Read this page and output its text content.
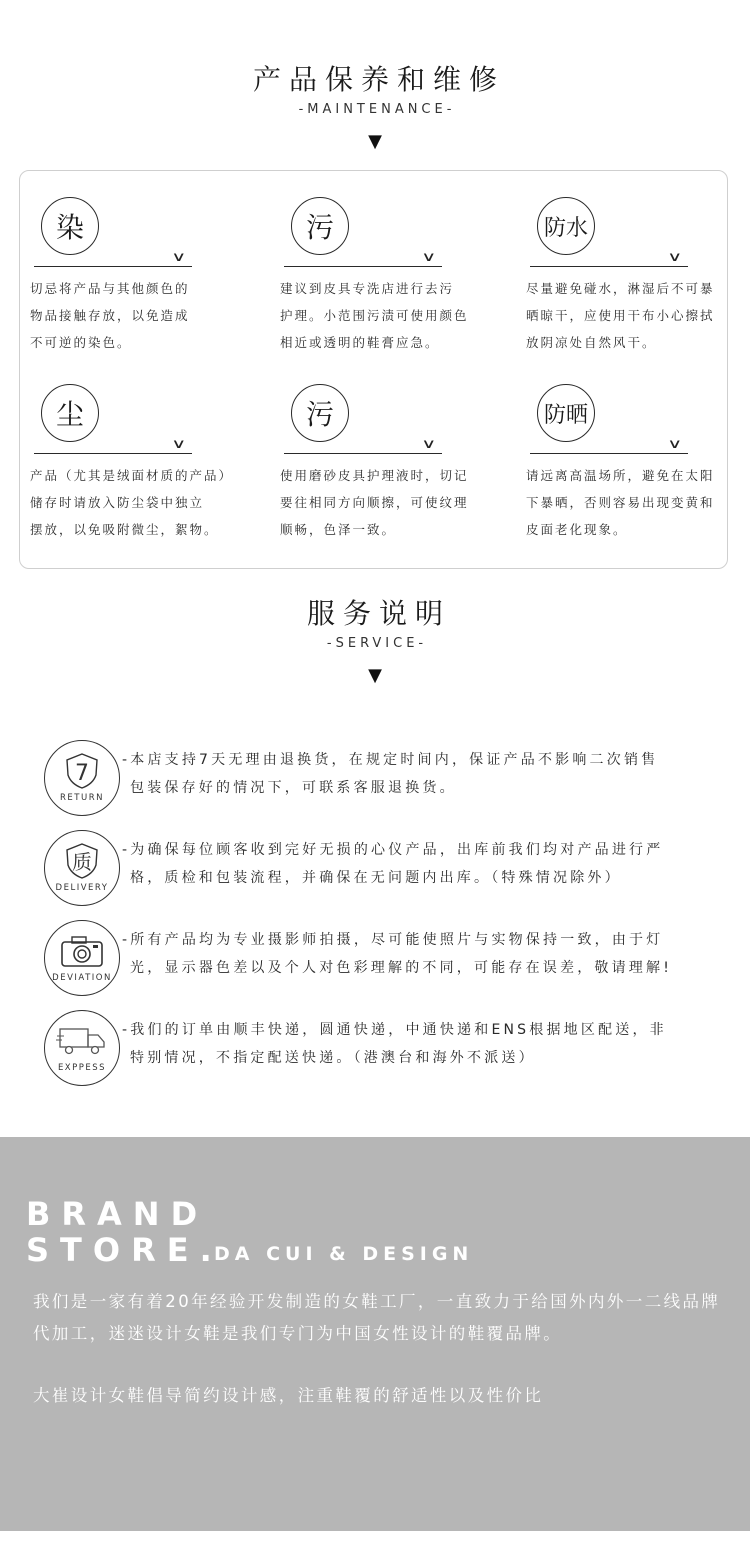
产品保养和维修
-MAINTENANCE-
▼
染
∨
切忌将产品与其他颜色的
物品接触存放，以免造成
不可逆的染色。
污
∨
建议到皮具专洗店进行去污
护理。小范围污渍可使用颜色
相近或透明的鞋膏应急。
防水
∨
尽量避免碰水，淋湿后不可暴
晒晾干，应使用干布小心擦拭
放阴凉处自然风干。
尘
∨
产品（尤其是绒面材质的产品）
储存时请放入防尘袋中独立
摆放，以免吸附微尘，絮物。
污
∨
使用磨砂皮具护理液时，切记
要往相同方向顺擦，可使纹理
顺畅，色泽一致。
防晒
∨
请远离高温场所，避免在太阳
下暴晒，否则容易出现变黄和
皮面老化现象。
服务说明
-SERVICE-
▼
7
RETURN
-本店支持7天无理由退换货，在规定时间内，保证产品不影响二次销售
包装保存好的情况下，可联系客服退换货。
质
DELIVERY
-为确保每位顾客收到完好无损的心仪产品，出库前我们均对产品进行严
格，质检和包装流程，并确保在无问题内出库。（特殊情况除外）
DEVIATION
-所有产品均为专业摄影师拍摄，尽可能使照片与实物保持一致，由于灯
光，显示器色差以及个人对色彩理解的不同，可能存在误差，敬请理解!
EXPPESS
-我们的订单由顺丰快递，圆通快递，中通快递和ENS根据地区配送，非
特别情况，不指定配送快递。（港澳台和海外不派送）
BRAND
STORE.
DA CUI & DESIGN
我们是一家有着20年经验开发制造的女鞋工厂，一直致力于给国外内外一二线品牌代加工，迷迷设计女鞋是我们专门为中国女性设计的鞋覆品牌。
大崔设计女鞋倡导简约设计感，注重鞋覆的舒适性以及性价比
